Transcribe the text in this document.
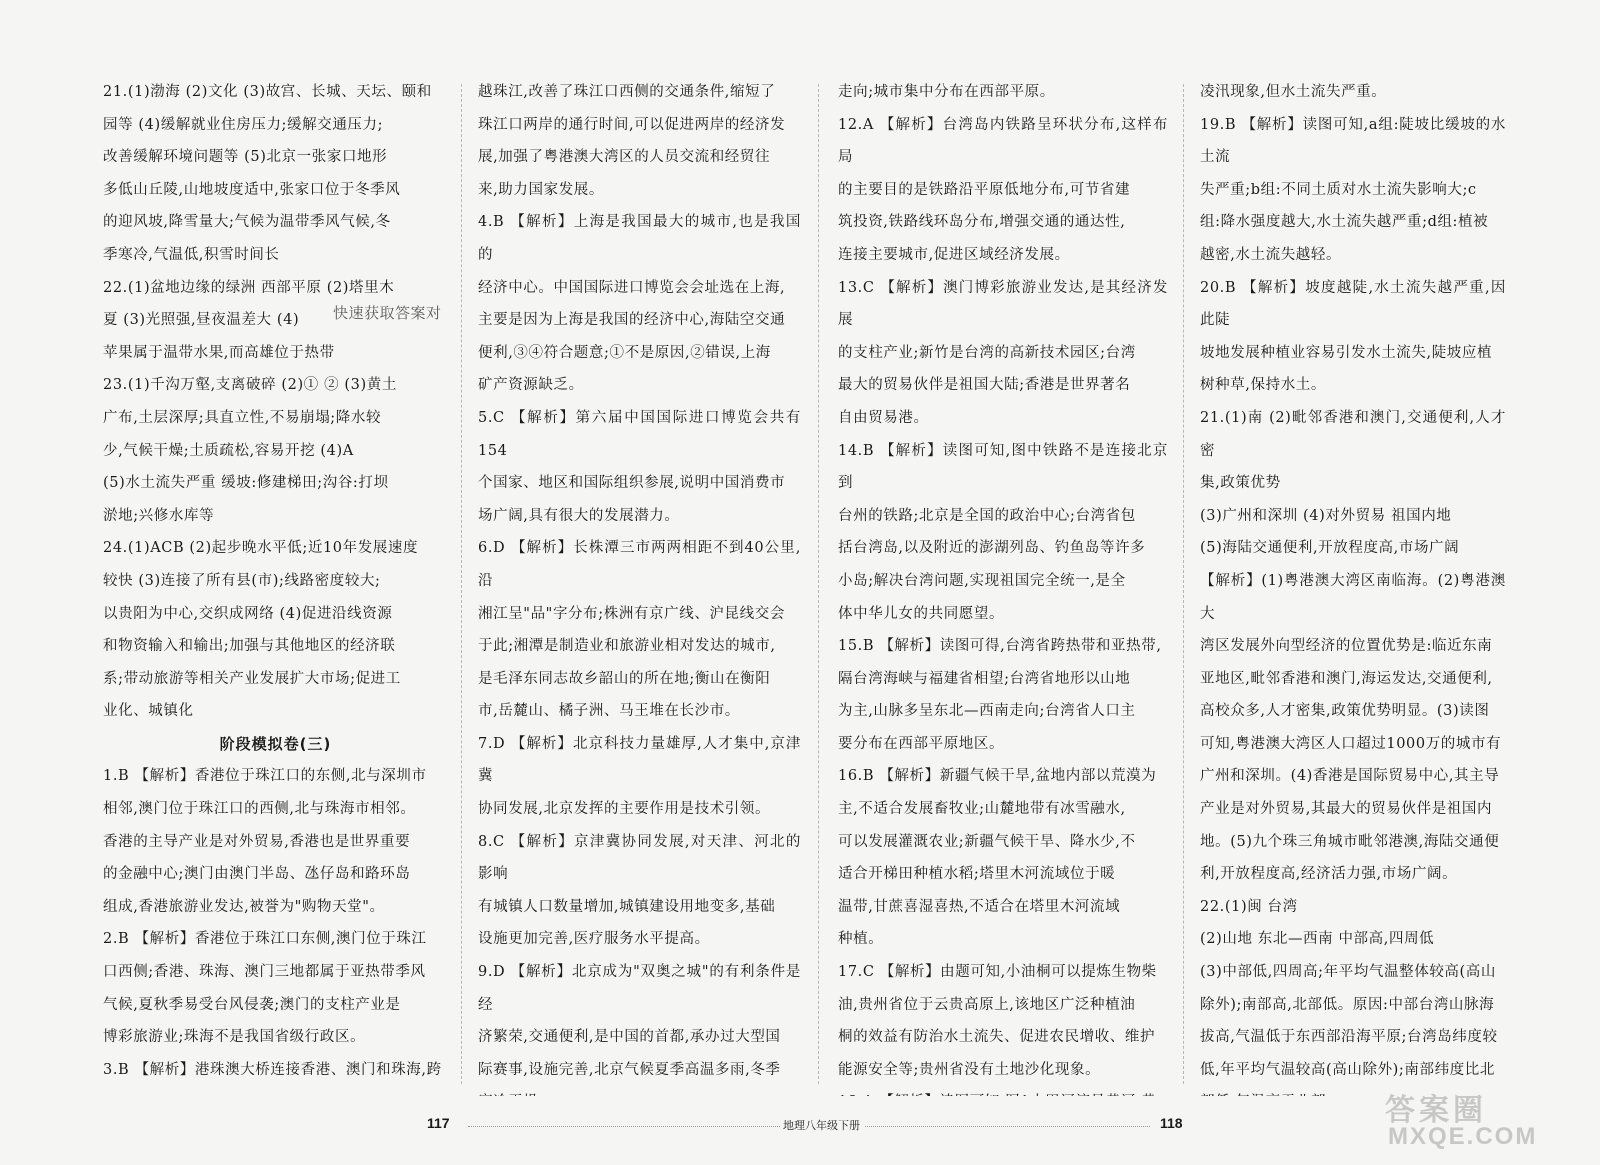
21.(1)渤海 (2)文化 (3)故宫、长城、天坛、颐和

园等 (4)缓解就业住房压力;缓解交通压力;

改善缓解环境问题等 (5)北京一张家口地形

多低山丘陵,山地坡度适中,张家口位于冬季风

的迎风坡,降雪量大;气候为温带季风气候,冬

季寒冷,气温低,积雪时间长

22.(1)盆地边缘的绿洲 西部平原 (2)塔里木

夏 (3)光照强,昼夜温差大 (4)

苹果属于温带水果,而高雄位于热带

23.(1)千沟万壑,支离破碎 (2)① ② (3)黄土

广布,土层深厚;具直立性,不易崩塌;降水较

少,气候干燥;土质疏松,容易开挖 (4)A

(5)水土流失严重 缓坡:修建梯田;沟谷:打坝

淤地;兴修水库等

24.(1)ACB (2)起步晚水平低;近10年发展速度

较快 (3)连接了所有县(市);线路密度较大;

以贵阳为中心,交织成网络 (4)促进沿线资源

和物资输入和输出;加强与其他地区的经济联

系;带动旅游等相关产业发展扩大市场;促进工

业化、城镇化

阶段模拟卷(三)

1.B 【解析】香港位于珠江口的东侧,北与深圳市

相邻,澳门位于珠江口的西侧,北与珠海市相邻。

香港的主导产业是对外贸易,香港也是世界重要

的金融中心;澳门由澳门半岛、氹仔岛和路环岛

组成,香港旅游业发达,被誉为"购物天堂"。

2.B 【解析】香港位于珠江口东侧,澳门位于珠江

口西侧;香港、珠海、澳门三地都属于亚热带季风

气候,夏秋季易受台风侵袭;澳门的支柱产业是

博彩旅游业;珠海不是我国省级行政区。

3.B 【解析】港珠澳大桥连接香港、澳门和珠海,跨

快速获取答案对

越珠江,改善了珠江口西侧的交通条件,缩短了

珠江口两岸的通行时间,可以促进两岸的经济发

展,加强了粤港澳大湾区的人员交流和经贸往

来,助力国家发展。

4.B 【解析】上海是我国最大的城市,也是我国的

经济中心。中国国际进口博览会会址选在上海,

主要是因为上海是我国的经济中心,海陆空交通

便利,③④符合题意;①不是原因,②错误,上海

矿产资源缺乏。

5.C 【解析】第六届中国国际进口博览会共有154

个国家、地区和国际组织参展,说明中国消费市

场广阔,具有很大的发展潜力。

6.D 【解析】长株潭三市两两相距不到40公里,沿

湘江呈"品"字分布;株洲有京广线、沪昆线交会

于此;湘潭是制造业和旅游业相对发达的城市,

是毛泽东同志故乡韶山的所在地;衡山在衡阳

市,岳麓山、橘子洲、马王堆在长沙市。

7.D 【解析】北京科技力量雄厚,人才集中,京津冀

协同发展,北京发挥的主要作用是技术引领。

8.C 【解析】京津冀协同发展,对天津、河北的影响

有城镇人口数量增加,城镇建设用地变多,基础

设施更加完善,医疗服务水平提高。

9.D 【解析】北京成为"双奥之城"的有利条件是经

济繁荣,交通便利,是中国的首都,承办过大型国

际赛事,设施完善,北京气候夏季高温多雨,冬季

走向;城市集中分布在西部平原。

12.A 【解析】台湾岛内铁路呈环状分布,这样布局

的主要目的是铁路沿平原低地分布,可节省建

筑投资,铁路线环岛分布,增强交通的通达性,

连接主要城市,促进区域经济发展。

13.C 【解析】澳门博彩旅游业发达,是其经济发展

的支柱产业;新竹是台湾的高新技术园区;台湾

最大的贸易伙伴是祖国大陆;香港是世界著名

自由贸易港。

14.B 【解析】读图可知,图中铁路不是连接北京到

台州的铁路;北京是全国的政治中心;台湾省包

括台湾岛,以及附近的澎湖列岛、钓鱼岛等许多

小岛;解决台湾问题,实现祖国完全统一,是全

体中华儿女的共同愿望。

15.B 【解析】读图可得,台湾省跨热带和亚热带,

隔台湾海峡与福建省相望;台湾省地形以山地

为主,山脉多呈东北—西南走向;台湾省人口主

要分布在西部平原地区。

16.B 【解析】新疆气候干旱,盆地内部以荒漠为

主,不适合发展畜牧业;山麓地带有冰雪融水,

可以发展灌溉农业;新疆气候干旱、降水少,不

适合开梯田种植水稻;塔里木河流域位于暖

温带,甘蔗喜湿喜热,不适合在塔里木河流域

种植。

17.C 【解析】由题可知,小油桐可以提炼生物柴

油,贵州省位于云贵高原上,该地区广泛种植油

桐的效益有防治水土流失、促进农民增收、维护

能源安全等;贵州省没有土地沙化现象。

凌汛现象,但水土流失严重。

19.B 【解析】读图可知,a组:陡坡比缓坡的水土流

失严重;b组:不同土质对水土流失影响大;c

组:降水强度越大,水土流失越严重;d组:植被

越密,水土流失越轻。

20.B 【解析】坡度越陡,水土流失越严重,因此陡

坡地发展种植业容易引发水土流失,陡坡应植

树种草,保持水土。

21.(1)南 (2)毗邻香港和澳门,交通便利,人才密

集,政策优势

(3)广州和深圳 (4)对外贸易 祖国内地

(5)海陆交通便利,开放程度高,市场广阔

【解析】(1)粤港澳大湾区南临海。(2)粤港澳大

湾区发展外向型经济的位置优势是:临近东南

亚地区,毗邻香港和澳门,海运发达,交通便利,

高校众多,人才密集,政策优势明显。(3)读图

可知,粤港澳大湾区人口超过1000万的城市有

广州和深圳。(4)香港是国际贸易中心,其主导

产业是对外贸易,其最大的贸易伙伴是祖国内

地。(5)九个珠三角城市毗邻港澳,海陆交通便

利,开放程度高,经济活力强,市场广阔。

22.(1)闽 台湾

(2)山地 东北—西南 中部高,四周低

(3)中部低,四周高;年平均气温整体较高(高山

除外);南部高,北部低。原因:中部台湾山脉海

拔高,气温低于东西部沿海平原;台湾岛纬度较

低,年平均气温较高(高山除外);南部纬度比北

117	地理八年级下册	118	答案圈
MXQE.COM
